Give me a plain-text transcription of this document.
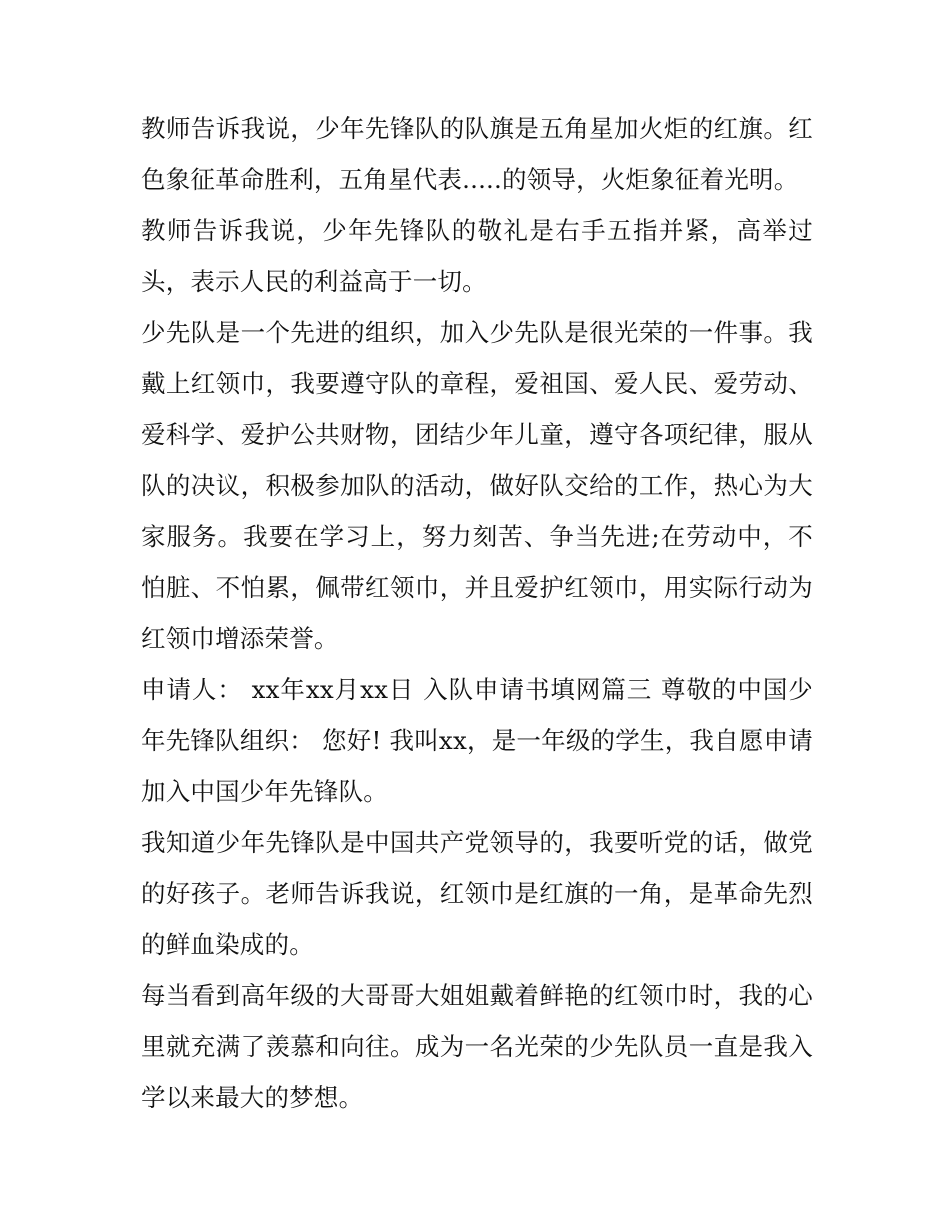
教师告诉我说，少年先锋队的队旗是五角星加火炬的红旗。红色象征革命胜利，五角星代表.....的领导，火炬象征着光明。

教师告诉我说，少年先锋队的敬礼是右手五指并紧，高举过头，表示人民的利益高于一切。

少先队是一个先进的组织，加入少先队是很光荣的一件事。我戴上红领巾，我要遵守队的章程，爱祖国、爱人民、爱劳动、爱科学、爱护公共财物，团结少年儿童，遵守各项纪律，服从队的决议，积极参加队的活动，做好队交给的工作，热心为大家服务。我要在学习上，努力刻苦、争当先进;在劳动中，不怕脏、不怕累，佩带红领巾，并且爱护红领巾，用实际行动为红领巾增添荣誉。

申请人： xx年xx月xx日 入队申请书填网篇三 尊敬的中国少年先锋队组织： 您好! 我叫xx，是一年级的学生，我自愿申请加入中国少年先锋队。

我知道少年先锋队是中国共产党领导的，我要听党的话，做党的好孩子。老师告诉我说，红领巾是红旗的一角，是革命先烈的鲜血染成的。

每当看到高年级的大哥哥大姐姐戴着鲜艳的红领巾时，我的心里就充满了羡慕和向往。成为一名光荣的少先队员一直是我入学以来最大的梦想。
